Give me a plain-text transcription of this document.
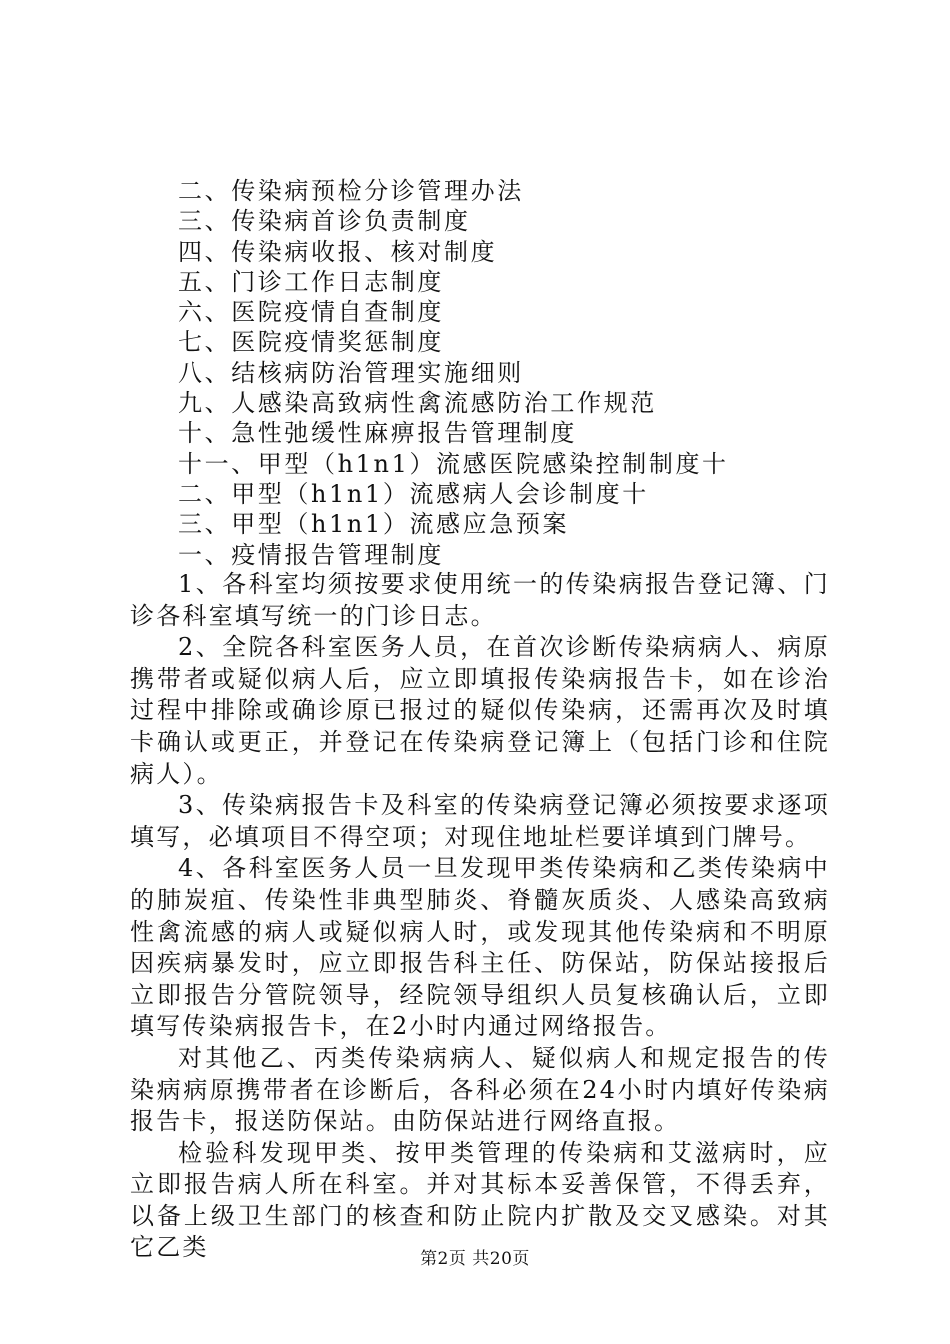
二、传染病预检分诊管理办法
三、传染病首诊负责制度
四、传染病收报、核对制度
五、门诊工作日志制度
六、医院疫情自查制度
七、医院疫情奖惩制度
八、结核病防治管理实施细则
九、人感染高致病性禽流感防治工作规范
十、急性弛缓性麻痹报告管理制度
十一、甲型（h1n1）流感医院感染控制制度十
二、甲型（h1n1）流感病人会诊制度十
三、甲型（h1n1）流感应急预案
一、疫情报告管理制度

1、各科室均须按要求使用统一的传染病报告登记簿、门诊各科室填写统一的门诊日志。

2、全院各科室医务人员，在首次诊断传染病病人、病原携带者或疑似病人后，应立即填报传染病报告卡，如在诊治过程中排除或确诊原已报过的疑似传染病，还需再次及时填卡确认或更正，并登记在传染病登记簿上（包括门诊和住院病人）。

3、传染病报告卡及科室的传染病登记簿必须按要求逐项填写，必填项目不得空项；对现住地址栏要详填到门牌号。

4、各科室医务人员一旦发现甲类传染病和乙类传染病中的肺炭疽、传染性非典型肺炎、脊髓灰质炎、人感染高致病性禽流感的病人或疑似病人时，或发现其他传染病和不明原因疾病暴发时，应立即报告科主任、防保站，防保站接报后立即报告分管院领导，经院领导组织人员复核确认后，立即填写传染病报告卡，在2小时内通过网络报告。

对其他乙、丙类传染病病人、疑似病人和规定报告的传染病病原携带者在诊断后，各科必须在24小时内填好传染病报告卡，报送防保站。由防保站进行网络直报。

检验科发现甲类、按甲类管理的传染病和艾滋病时，应立即报告病人所在科室。并对其标本妥善保管，不得丢弃，以备上级卫生部门的核查和防止院内扩散及交叉感染。对其它乙类	第2页 共20页
